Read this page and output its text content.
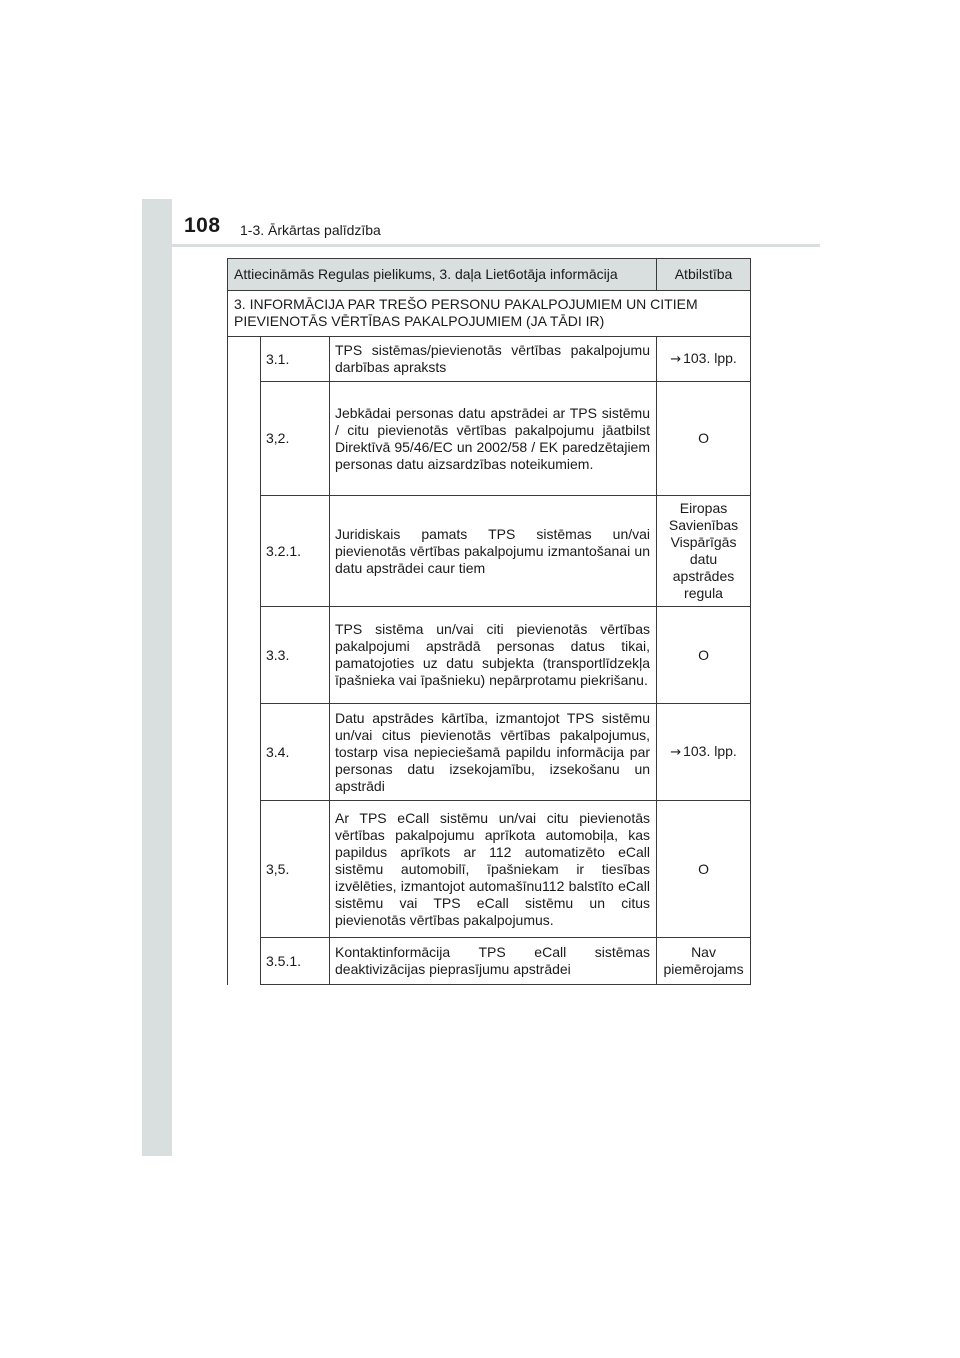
108 1-3. Ārkārtas palīdzība
Attiecināmās Regulas pielikums, 3. daļa Liet6otāja informācija			Atbilstība
3. INFORMĀCIJA PAR TREŠO PERSONU PAKALPOJUMIEM UN CITIEM PIEVIENOTĀS VĒRTĪBAS PAKALPOJUMIEM (JA TĀDI IR)			
	3.1.	TPS sistēmas/pievienotās vērtības pakalpojumu darbības apraksts	→ 103. lpp.
	3,2.	Jebkādai personas datu apstrādei ar TPS sistēmu / citu pievienotās vērtības pakalpojumu jāatbilst Direktīvā 95/46/EC un 2002/58 / EK paredzētajiem personas datu aizsardzības noteikumiem.	O
	3.2.1.	Juridiskais pamats TPS sistēmas un/vai pievienotās vērtības pakalpojumu izmantošanai un datu apstrādei caur tiem	Eiropas Savienības Vispārīgās datu apstrādes regula
	3.3.	TPS sistēma un/vai citi pievienotās vērtības pakalpojumi apstrādā personas datus tikai, pamatojoties uz datu subjekta (transportlīdzekļa īpašnieka vai īpašnieku) nepārprotamu piekrišanu.	O
	3.4.	Datu apstrādes kārtība, izmantojot TPS sistēmu un/vai citus pievienotās vērtības pakalpojumus, tostarp visa nepieciešamā papildu informācija par personas datu izsekojamību, izsekošanu un apstrādi	→ 103. lpp.
	3,5.	Ar TPS eCall sistēmu un/vai citu pievienotās vērtības pakalpojumu aprīkota automobiļa, kas papildus aprīkots ar 112 automatizēto eCall sistēmu automobilī, īpašniekam ir tiesības izvēlēties, izmantojot automašīnu112 balstīto eCall sistēmu vai TPS eCall sistēmu un citus pievienotās vērtības pakalpojumus.	O
	3.5.1.	Kontaktinformācija TPS eCall sistēmas deaktivizācijas pieprasījumu apstrādei	Nav piemērojams
